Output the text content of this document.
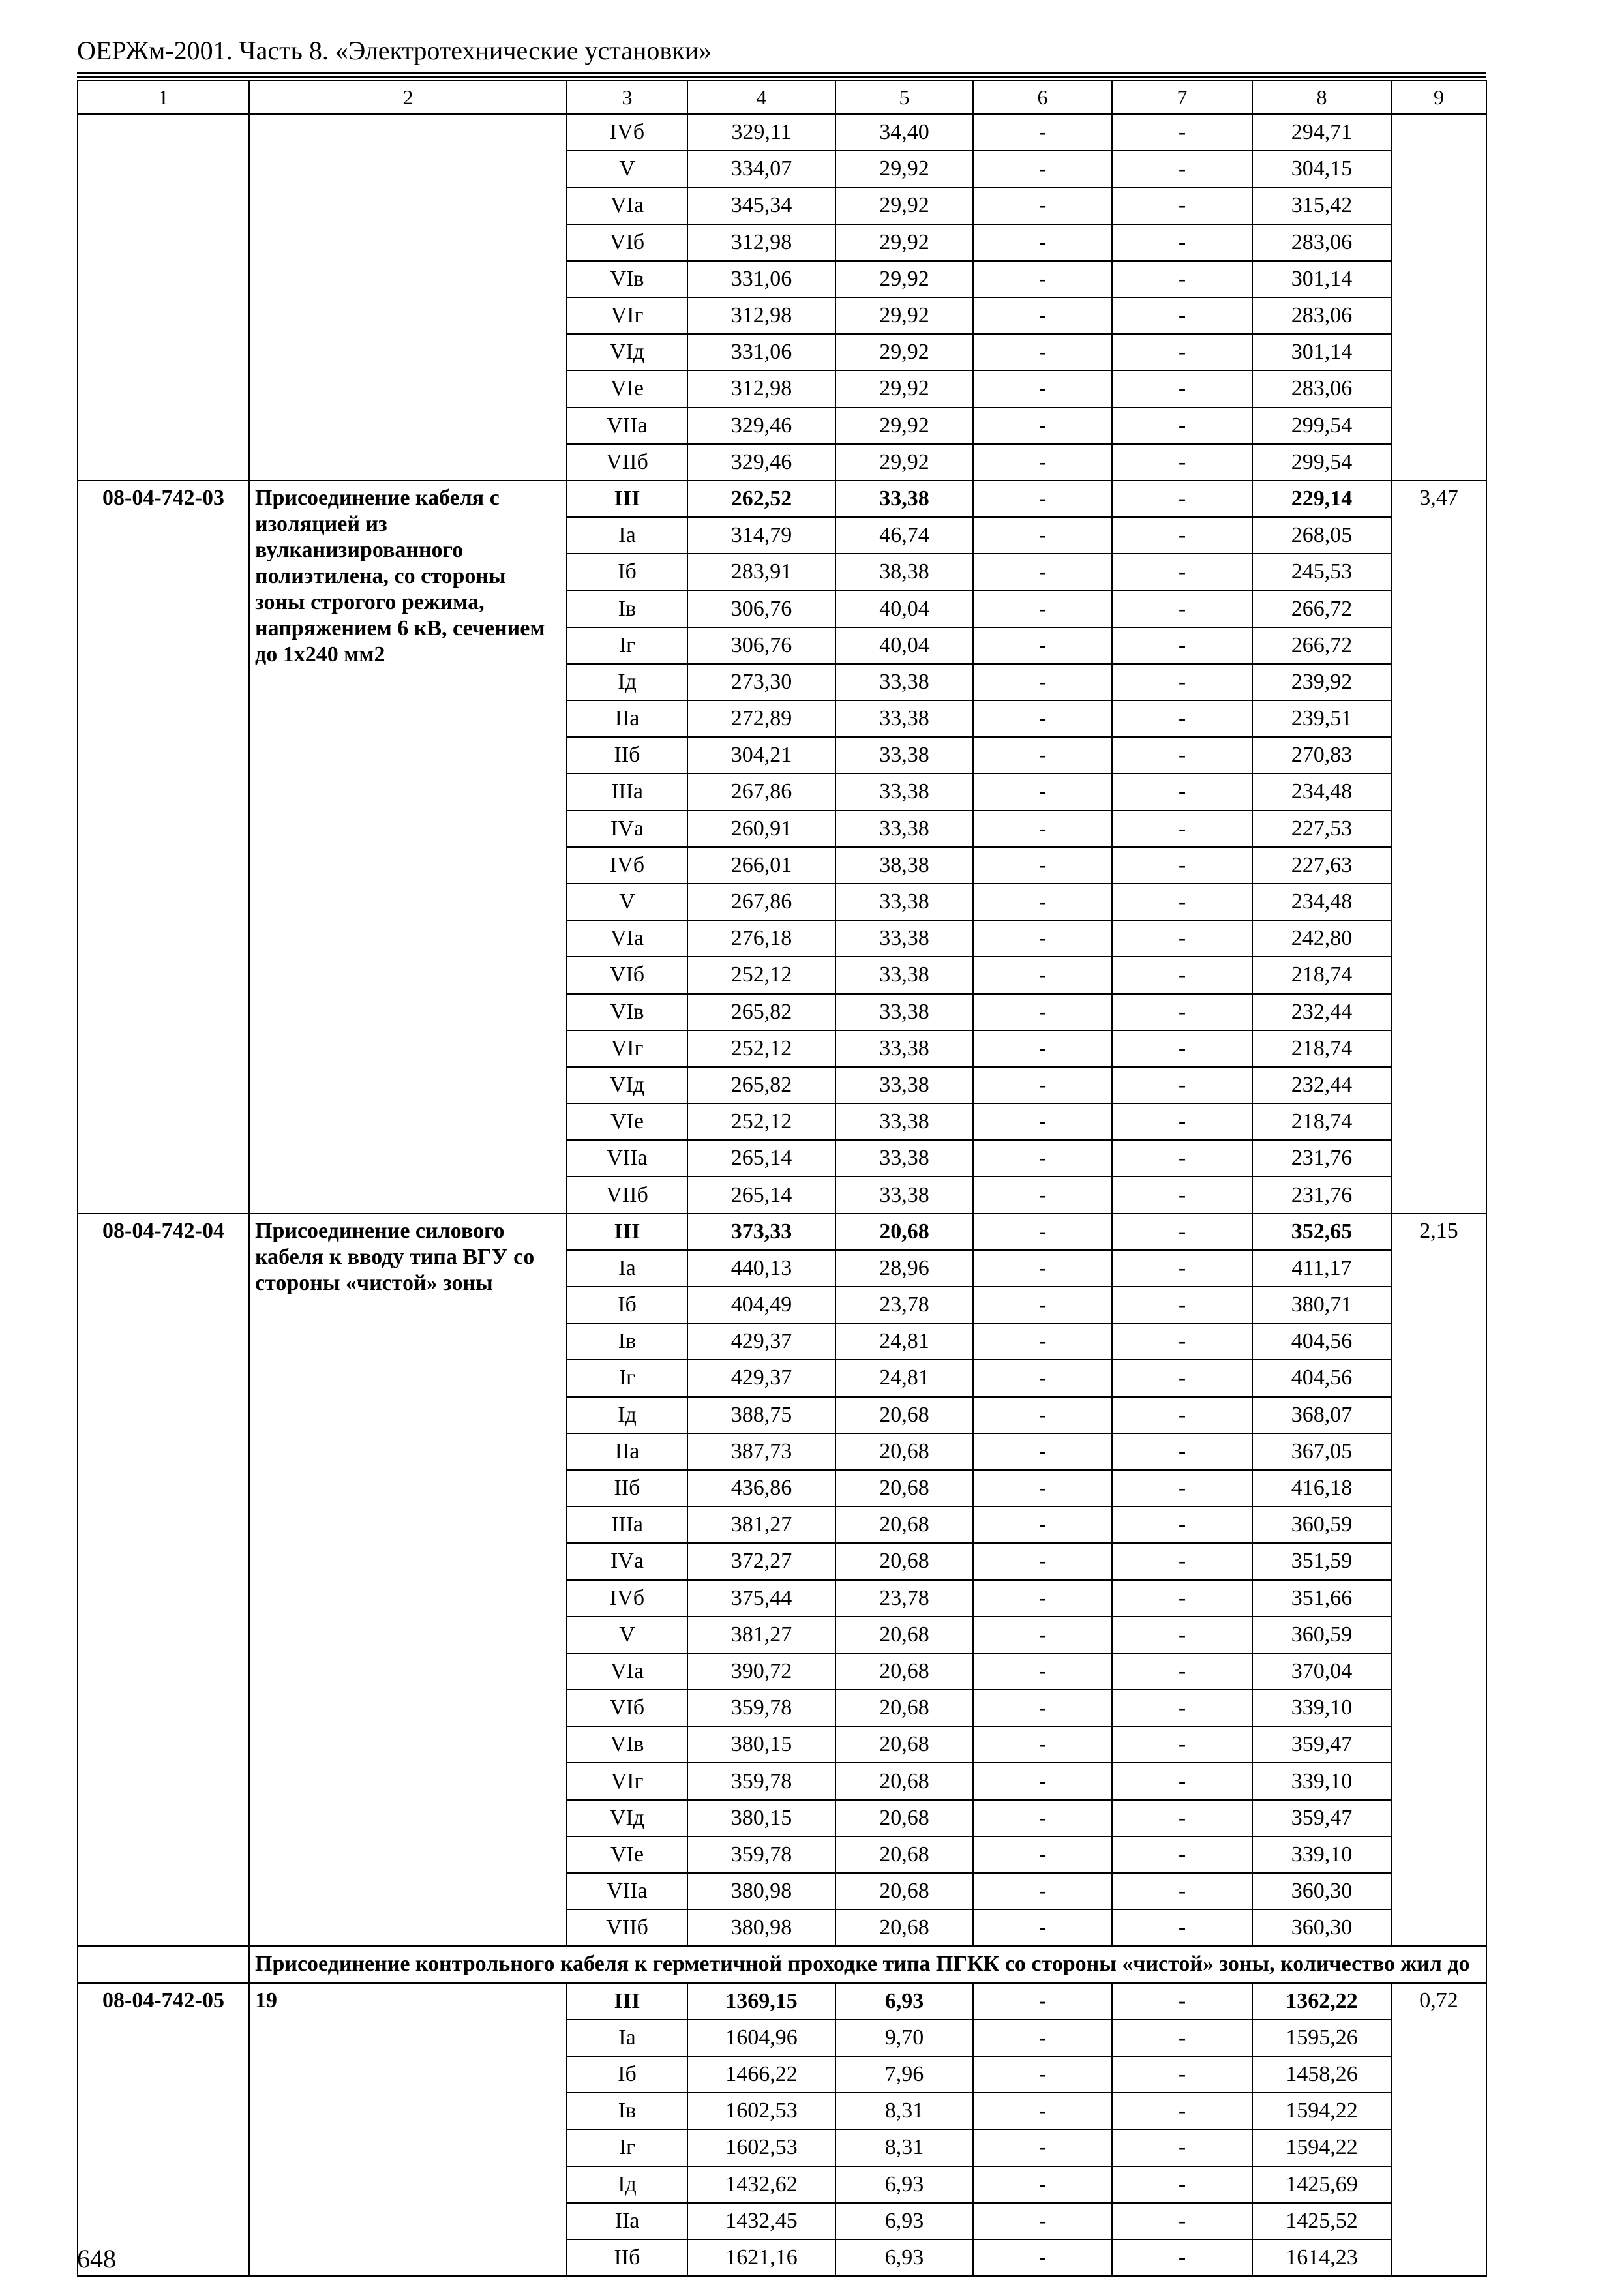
ОЕРЖм-2001. Часть 8. «Электротехнические установки»
1	2	3	4	5	6	7	8	9
		IVб	329,11	34,40	-	-	294,71	
		V	334,07	29,92	-	-	304,15	
		VIа	345,34	29,92	-	-	315,42	
		VIб	312,98	29,92	-	-	283,06	
		VIв	331,06	29,92	-	-	301,14	
		VIг	312,98	29,92	-	-	283,06	
		VIд	331,06	29,92	-	-	301,14	
		VIе	312,98	29,92	-	-	283,06	
		VIIа	329,46	29,92	-	-	299,54	
		VIIб	329,46	29,92	-	-	299,54	
08-04-742-03	Присоединение кабеля с изоляцией из вулканизированного полиэтилена, со стороны зоны строгого режима, напряжением 6 кВ, сечением до 1х240 мм2	III	262,52	33,38	-	-	229,14	3,47
		Iа	314,79	46,74	-	-	268,05	
		Iб	283,91	38,38	-	-	245,53	
		Iв	306,76	40,04	-	-	266,72	
		Iг	306,76	40,04	-	-	266,72	
		Iд	273,30	33,38	-	-	239,92	
		IIа	272,89	33,38	-	-	239,51	
		IIб	304,21	33,38	-	-	270,83	
		IIIа	267,86	33,38	-	-	234,48	
		IVа	260,91	33,38	-	-	227,53	
		IVб	266,01	38,38	-	-	227,63	
		V	267,86	33,38	-	-	234,48	
		VIа	276,18	33,38	-	-	242,80	
		VIб	252,12	33,38	-	-	218,74	
		VIв	265,82	33,38	-	-	232,44	
		VIг	252,12	33,38	-	-	218,74	
		VIд	265,82	33,38	-	-	232,44	
		VIе	252,12	33,38	-	-	218,74	
		VIIа	265,14	33,38	-	-	231,76	
		VIIб	265,14	33,38	-	-	231,76	
08-04-742-04	Присоединение силового кабеля к вводу типа ВГУ со стороны «чистой» зоны	III	373,33	20,68	-	-	352,65	2,15
		Iа	440,13	28,96	-	-	411,17	
		Iб	404,49	23,78	-	-	380,71	
		Iв	429,37	24,81	-	-	404,56	
		Iг	429,37	24,81	-	-	404,56	
		Iд	388,75	20,68	-	-	368,07	
		IIа	387,73	20,68	-	-	367,05	
		IIб	436,86	20,68	-	-	416,18	
		IIIа	381,27	20,68	-	-	360,59	
		IVа	372,27	20,68	-	-	351,59	
		IVб	375,44	23,78	-	-	351,66	
		V	381,27	20,68	-	-	360,59	
		VIа	390,72	20,68	-	-	370,04	
		VIб	359,78	20,68	-	-	339,10	
		VIв	380,15	20,68	-	-	359,47	
		VIг	359,78	20,68	-	-	339,10	
		VIд	380,15	20,68	-	-	359,47	
		VIе	359,78	20,68	-	-	339,10	
		VIIа	380,98	20,68	-	-	360,30	
		VIIб	380,98	20,68	-	-	360,30	
	Присоединение контрольного кабеля к герметичной проходке типа ПГКК со стороны «чистой» зоны, количество жил до							
08-04-742-05	19	III	1369,15	6,93	-	-	1362,22	0,72
		Iа	1604,96	9,70	-	-	1595,26	
		Iб	1466,22	7,96	-	-	1458,26	
		Iв	1602,53	8,31	-	-	1594,22	
		Iг	1602,53	8,31	-	-	1594,22	
		Iд	1432,62	6,93	-	-	1425,69	
		IIа	1432,45	6,93	-	-	1425,52	
		IIб	1621,16	6,93	-	-	1614,23	
648
